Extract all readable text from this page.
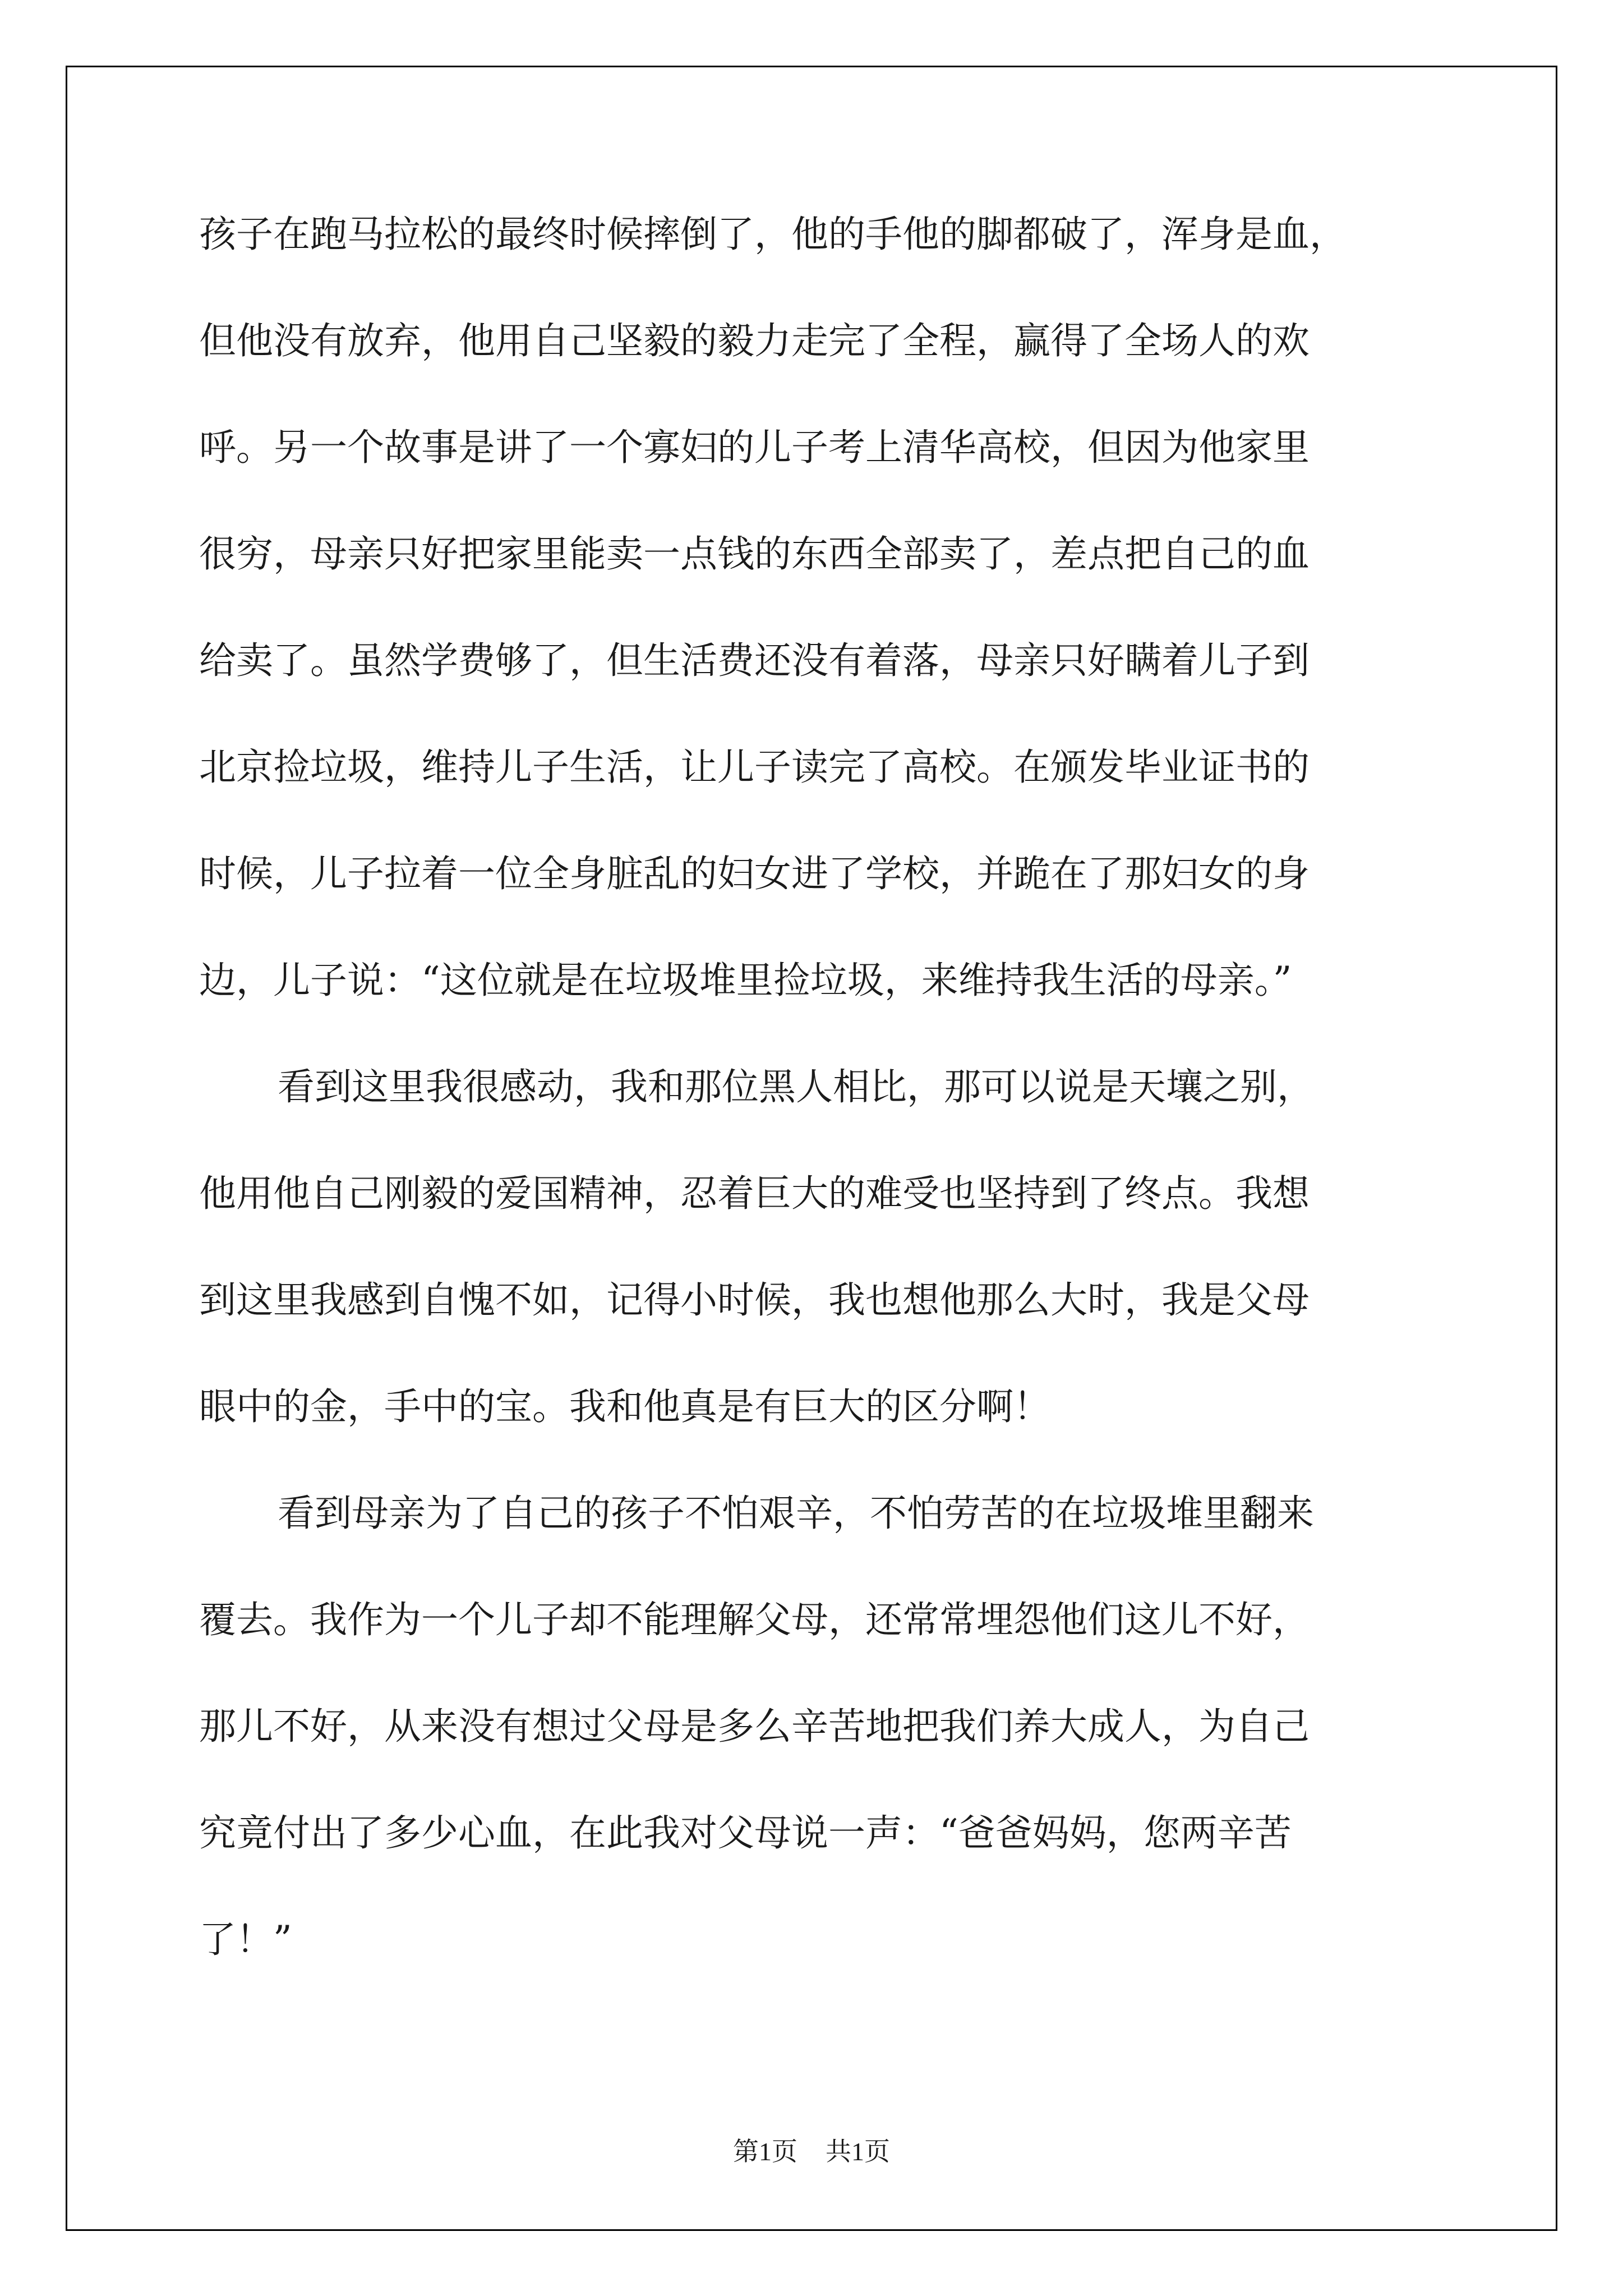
孩子在跑马拉松的最终时候摔倒了，他的手他的脚都破了，浑身是血，
但他没有放弃，他用自己坚毅的毅力走完了全程，赢得了全场人的欢
呼。另一个故事是讲了一个寡妇的儿子考上清华高校，但因为他家里
很穷，母亲只好把家里能卖一点钱的东西全部卖了，差点把自己的血
给卖了。虽然学费够了，但生活费还没有着落，母亲只好瞒着儿子到
北京捡垃圾，维持儿子生活，让儿子读完了高校。在颁发毕业证书的
时候，儿子拉着一位全身脏乱的妇女进了学校，并跪在了那妇女的身
边，儿子说：“这位就是在垃圾堆里捡垃圾，来维持我生活的母亲。”
看到这里我很感动，我和那位黑人相比，那可以说是天壤之别，
他用他自己刚毅的爱国精神，忍着巨大的难受也坚持到了终点。我想
到这里我感到自愧不如，记得小时候，我也想他那么大时，我是父母
眼中的金，手中的宝。我和他真是有巨大的区分啊！
看到母亲为了自己的孩子不怕艰辛，不怕劳苦的在垃圾堆里翻来
覆去。我作为一个儿子却不能理解父母，还常常埋怨他们这儿不好，
那儿不好，从来没有想过父母是多么辛苦地把我们养大成人，为自己
究竟付出了多少心血，在此我对父母说一声：“爸爸妈妈，您两辛苦
了！”
第1页 共1页
